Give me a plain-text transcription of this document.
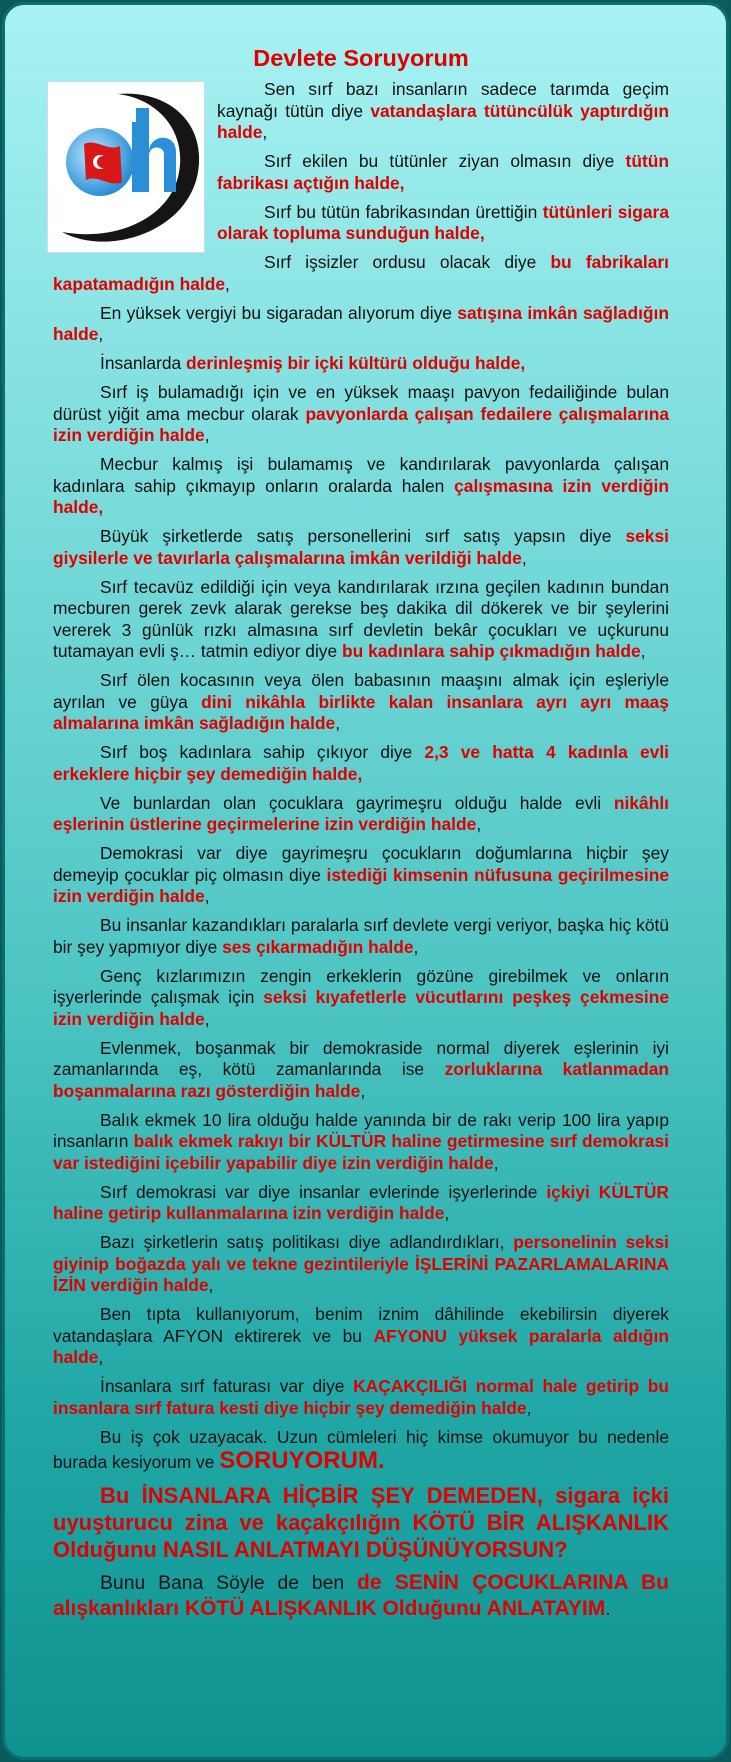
Devlete Soruyorum

Sen sırf bazı insanların sadece tarımda geçim kaynağı tütün diye vatandaşlara tütüncülük yaptırdığın halde,

Sırf ekilen bu tütünler ziyan olmasın diye tütün fabrikası açtığın halde,

Sırf bu tütün fabrikasından ürettiğin tütünleri sigara olarak topluma sunduğun halde,

Sırf işsizler ordusu olacak diye bu fabrikaları kapatamadığın halde,

En yüksek vergiyi bu sigaradan alıyorum diye satışına imkân sağladığın halde,

İnsanlarda derinleşmiş bir içki kültürü olduğu halde,

Sırf iş bulamadığı için ve en yüksek maaşı pavyon fedailiğinde bulan dürüst yiğit ama mecbur olarak pavyonlarda çalışan fedailere çalışmalarına izin verdiğin halde,

Mecbur kalmış işi bulamamış ve kandırılarak pavyonlarda çalışan kadınlara sahip çıkmayıp onların oralarda halen çalışmasına izin verdiğin halde,

Büyük şirketlerde satış personellerini sırf satış yapsın diye seksi giysilerle ve tavırlarla çalışmalarına imkân verildiği halde,

Sırf tecavüz edildiği için veya kandırılarak ırzına geçilen kadının bundan mecburen gerek zevk alarak gerekse beş dakika dil dökerek ve bir şeylerini vererek 3 günlük rızkı almasına sırf devletin bekâr çocukları ve uçkurunu tutamayan evli ş… tatmin ediyor diye bu kadınlara sahip çıkmadığın halde,

Sırf ölen kocasının veya ölen babasının maaşını almak için eşleriyle ayrılan ve güya dini nikâhla birlikte kalan insanlara ayrı ayrı maaş almalarına imkân sağladığın halde,

Sırf boş kadınlara sahip çıkıyor diye 2,3 ve hatta 4 kadınla evli erkeklere hiçbir şey demediğin halde,

Ve bunlardan olan çocuklara gayrimeşru olduğu halde evli nikâhlı eşlerinin üstlerine geçirmelerine izin verdiğin halde,

Demokrasi var diye gayrimeşru çocukların doğumlarına hiçbir şey demeyip çocuklar piç olmasın diye istediği kimsenin nüfusuna geçirilmesine izin verdiğin halde,

Bu insanlar kazandıkları paralarla sırf devlete vergi veriyor, başka hiç kötü bir şey yapmıyor diye ses çıkarmadığın halde,

Genç kızlarımızın zengin erkeklerin gözüne girebilmek ve onların işyerlerinde çalışmak için seksi kıyafetlerle vücutlarını peşkeş çekmesine izin verdiğin halde,

Evlenmek, boşanmak bir demokraside normal diyerek eşlerinin iyi zamanlarında eş, kötü zamanlarında ise zorluklarına katlanmadan boşanmalarına razı gösterdiğin halde,

Balık ekmek 10 lira olduğu halde yanında bir de rakı verip 100 lira yapıp insanların balık ekmek rakıyı bir KÜLTÜR haline getirmesine sırf demokrasi var istediğini içebilir yapabilir diye izin verdiğin halde,

Sırf demokrasi var diye insanlar evlerinde işyerlerinde içkiyi KÜLTÜR haline getirip kullanmalarına izin verdiğin halde,

Bazı şirketlerin satış politikası diye adlandırdıkları, personelinin seksi giyinip boğazda yalı ve tekne gezintileriyle İŞLERİNİ PAZARLAMALARINA İZİN verdiğin halde,

Ben tıpta kullanıyorum, benim iznim dâhilinde ekebilirsin diyerek vatandaşlara AFYON ektirerek ve bu AFYONU yüksek paralarla aldığın halde,

İnsanlara sırf faturası var diye KAÇAKÇILIĞI normal hale getirip bu insanlara sırf fatura kesti diye hiçbir şey demediğin halde,

Bu iş çok uzayacak. Uzun cümleleri hiç kimse okumuyor bu nedenle burada kesiyorum ve SORUYORUM.

Bu İNSANLARA HİÇBİR ŞEY DEMEDEN, sigara içki uyuşturucu zina ve kaçakçılığın KÖTÜ BİR ALIŞKANLIK Olduğunu NASIL ANLATMAYI DÜŞÜNÜYORSUN?

Bunu Bana Söyle de ben de SENİN ÇOCUKLARINA Bu alışkanlıkları KÖTÜ ALIŞKANLIK Olduğunu ANLATAYIM.
